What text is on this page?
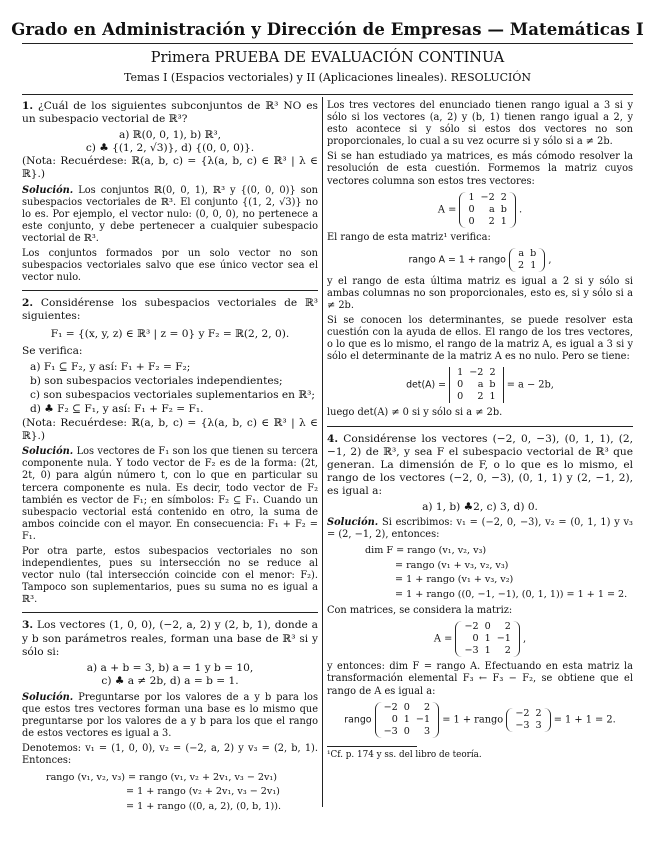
Grado en Administración y Dirección de Empresas — Matemáticas I
Primera PRUEBA DE EVALUACIÓN CONTINUA
Temas I (Espacios vectoriales) y II (Aplicaciones lineales). RESOLUCIÓN

1. ¿Cuál de los siguientes subconjuntos de ℝ³ NO es un subespacio vectorial de ℝ³?

a) ℝ(0, 0, 1), b) ℝ³,
c) ♣ {(1, 2, √3)}, d) {(0, 0, 0)}.

(Nota: Recuérdese: ℝ(a, b, c) = {λ(a, b, c) ∈ ℝ³ | λ ∈ ℝ}.)

Solución. Los conjuntos ℝ(0, 0, 1), ℝ³ y {(0, 0, 0)} son subespacios vectoriales de ℝ³. El conjunto {(1, 2, √3)} no lo es. Por ejemplo, el vector nulo: (0, 0, 0), no pertenece a este conjunto, y debe pertenecer a cualquier subespacio vectorial de ℝ³.

Los conjuntos formados por un solo vector no son subespacios vectoriales salvo que ese único vector sea el vector nulo.

2. Considérense los subespacios vectoriales de ℝ³ siguientes:

F₁ = {(x, y, z) ∈ ℝ³ | z = 0} y F₂ = ℝ(2, 2, 0).

Se verifica:

a) F₁ ⊆ F₂, y así: F₁ + F₂ = F₂;
b) son subespacios vectoriales independientes;
c) son subespacios vectoriales suplementarios en ℝ³;
d) ♣ F₂ ⊆ F₁, y así: F₁ + F₂ = F₁.

(Nota: Recuérdese: ℝ(a, b, c) = {λ(a, b, c) ∈ ℝ³ | λ ∈ ℝ}.)

Solución. Los vectores de F₁ son los que tienen su tercera componente nula. Y todo vector de F₂ es de la forma: (2t, 2t, 0) para algún número t, con lo que en particular su tercera componente es nula. Es decir, todo vector de F₂ también es vector de F₁; en símbolos: F₂ ⊆ F₁. Cuando un subespacio vectorial está contenido en otro, la suma de ambos coincide con el mayor. En consecuencia: F₁ + F₂ = F₁.

Por otra parte, estos subespacios vectoriales no son independientes, pues su intersección no se reduce al vector nulo (tal intersección coincide con el menor: F₂). Tampoco son suplementarios, pues su suma no es igual a ℝ³.

3. Los vectores (1, 0, 0), (−2, a, 2) y (2, b, 1), donde a y b son parámetros reales, forman una base de ℝ³ si y sólo si:

a) a + b = 3, b) a = 1 y b = 10,
c) ♣ a ≠ 2b, d) a = b = 1.

Solución. Preguntarse por los valores de a y b para los que estos tres vectores forman una base es lo mismo que preguntarse por los valores de a y b para los que el rango de estos vectores es igual a 3.

Denotemos: v₁ = (1, 0, 0), v₂ = (−2, a, 2) y v₃ = (2, b, 1). Entonces:

rango (v₁, v₂, v₃) = rango (v₁, v₂ + 2v₁, v₃ − 2v₁)
= 1 + rango (v₂ + 2v₁, v₃ − 2v₁)
= 1 + rango ((0, a, 2), (0, b, 1)).

Los tres vectores del enunciado tienen rango igual a 3 si y sólo si los vectores (a, 2) y (b, 1) tienen rango igual a 2, y esto acontece si y sólo si estos dos vectores no son proporcionales, lo cual a su vez ocurre si y sólo si a ≠ 2b.

Si se han estudiado ya matrices, es más cómodo resolver la resolución de esta cuestión. Formemos la matriz cuyos vectores columna son estos tres vectores:

A =
1	−2	2
0	a	b
0	2	1
.

El rango de esta matriz¹ verifica:

rango A = 1 + rango
a	b
2	1 ,

y el rango de esta última matriz es igual a 2 si y sólo si ambas columnas no son proporcionales, esto es, si y sólo si a ≠ 2b.

Si se conocen los determinantes, se puede resolver esta cuestión con la ayuda de ellos. El rango de los tres vectores, o lo que es lo mismo, el rango de la matriz A, es igual a 3 si y sólo el determinante de la matriz A es no nulo. Pero se tiene:

det(A) =
1	−2	2
0	a	b
0	2	1
= a − 2b,

luego det(A) ≠ 0 si y sólo si a ≠ 2b.

4. Considérense los vectores (−2, 0, −3), (0, 1, 1), (2, −1, 2) de ℝ³, y sea F el subespacio vectorial de ℝ³ que generan. La dimensión de F, o lo que es lo mismo, el rango de los vectores (−2, 0, −3), (0, 1, 1) y (2, −1, 2), es igual a:

a) 1, b) ♣2, c) 3, d) 0.

Solución. Si escribimos: v₁ = (−2, 0, −3), v₂ = (0, 1, 1) y v₃ = (2, −1, 2), entonces:

dim F = rango (v₁, v₂, v₃)
= rango (v₁ + v₃, v₂, v₃)
= 1 + rango (v₁ + v₃, v₂)
= 1 + rango ((0, −1, −1), (0, 1, 1)) = 1 + 1 = 2.

Con matrices, se considera la matriz:

A =
−2	0	2
0	1	−1
−3	1	2
,

y entonces: dim F = rango A. Efectuando en esta matriz la transformación elemental F₃ ← F₃ − F₂, se obtiene que el rango de A es igual a:

rango
−2	0	2
0	1	−1
−3	0	3
= 1 + rango
−2	2
−3	3 = 1 + 1 = 2.
¹Cf. p. 174 y ss. del libro de teoría.
